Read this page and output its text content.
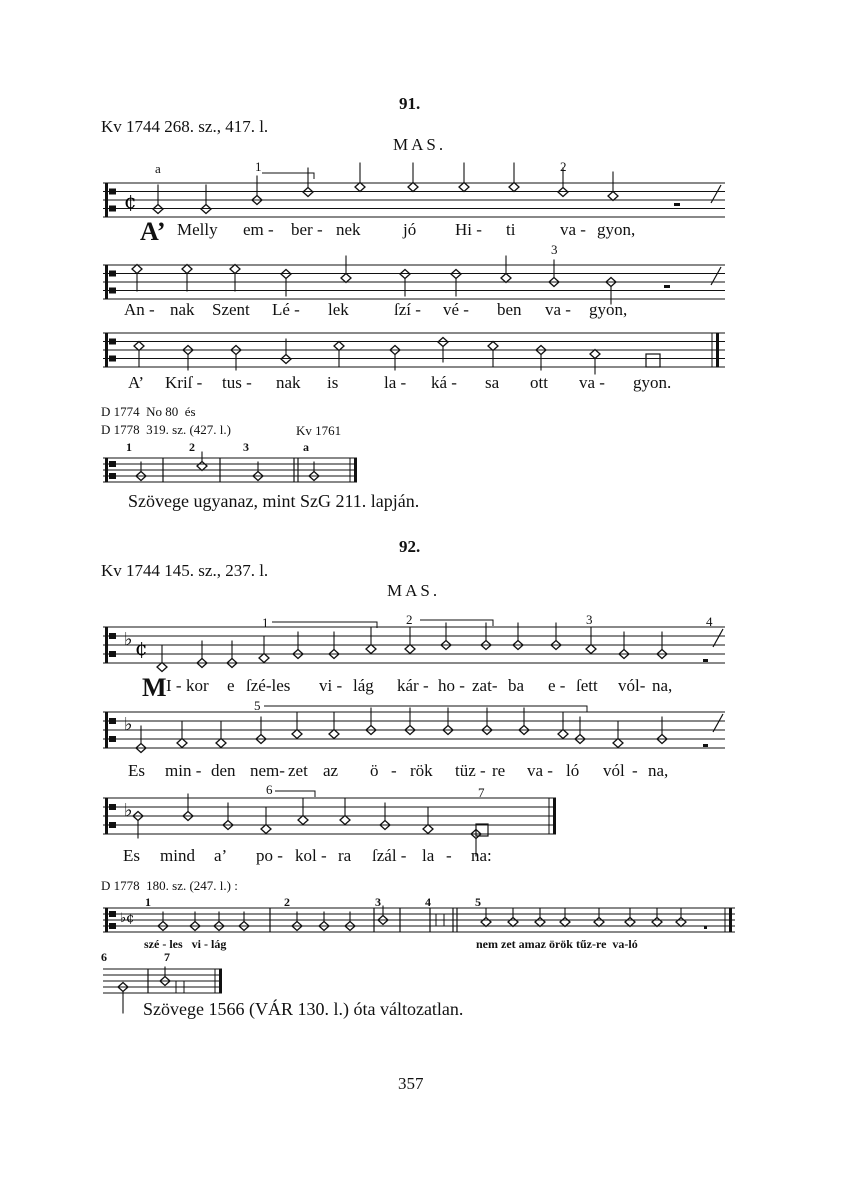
91.
Kv 1744 268. sz., 417. l.
MAS.
a	1	2
3
A’ Melly em - ber - nek jó Hi - ti	va - gyon,
An - nak Szent Lé - lek	ſzí - vé - ben va - gyon,
A’ Kriſ - tus - nak is	la - ká - sa ott va - gyon.
D 1774  No 80  és
D 1778  319. sz. (427. l.)	Kv 1761
1	2	3	a
Szövege ugyanaz, mint SzG 211. lapján.
92.
Kv 1744 145. sz., 237. l.
MAS.
1	2	3	4
5
6	7
M I - kor e ſzé-les vi - lág kár - ho - zat- ba e - ſett vól- na,
Es min - den nem- zet az ö - rök tüz - re va - ló vól - na,
Es mind a’ po - kol - ra ſzál - la - na:
D 1778  180. sz. (247. l.) :
1	2	3	4	5
6	7
szé - les   vi - lág	nem zet amaz örök tűz-re  va-ló
Szövege 1566 (VÁR 130. l.) óta változatlan.
357
¢
♭ ¢
♭
♭
♭¢
